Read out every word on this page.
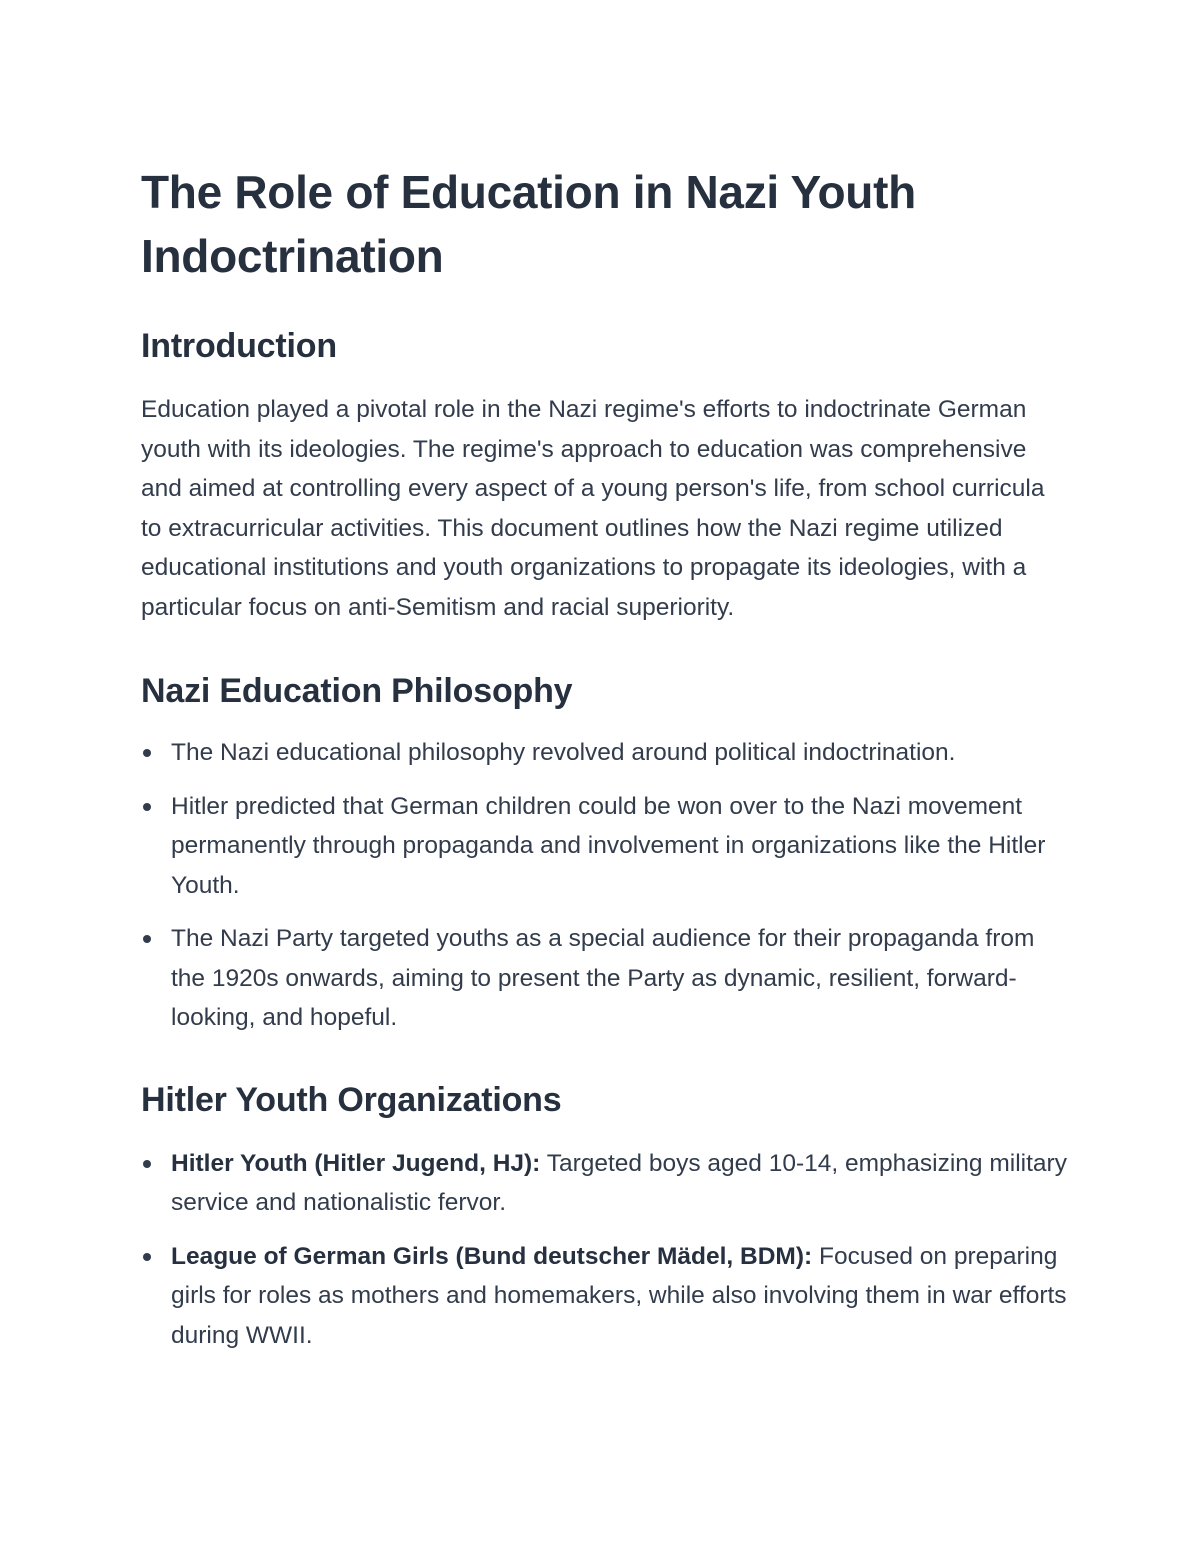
The Role of Education in Nazi Youth Indoctrination
Introduction

Education played a pivotal role in the Nazi regime's efforts to indoctrinate German youth with its ideologies. The regime's approach to education was comprehensive and aimed at controlling every aspect of a young person's life, from school curricula to extracurricular activities. This document outlines how the Nazi regime utilized educational institutions and youth organizations to propagate its ideologies, with a particular focus on anti-Semitism and racial superiority.

Nazi Education Philosophy
The Nazi educational philosophy revolved around political indoctrination.
Hitler predicted that German children could be won over to the Nazi movement permanently through propaganda and involvement in organizations like the Hitler Youth.
The Nazi Party targeted youths as a special audience for their propaganda from the 1920s onwards, aiming to present the Party as dynamic, resilient, forward-looking, and hopeful.
Hitler Youth Organizations
Hitler Youth (Hitler Jugend, HJ): Targeted boys aged 10-14, emphasizing military service and nationalistic fervor.
League of German Girls (Bund deutscher Mädel, BDM): Focused on preparing girls for roles as mothers and homemakers, while also involving them in war efforts during WWII.
